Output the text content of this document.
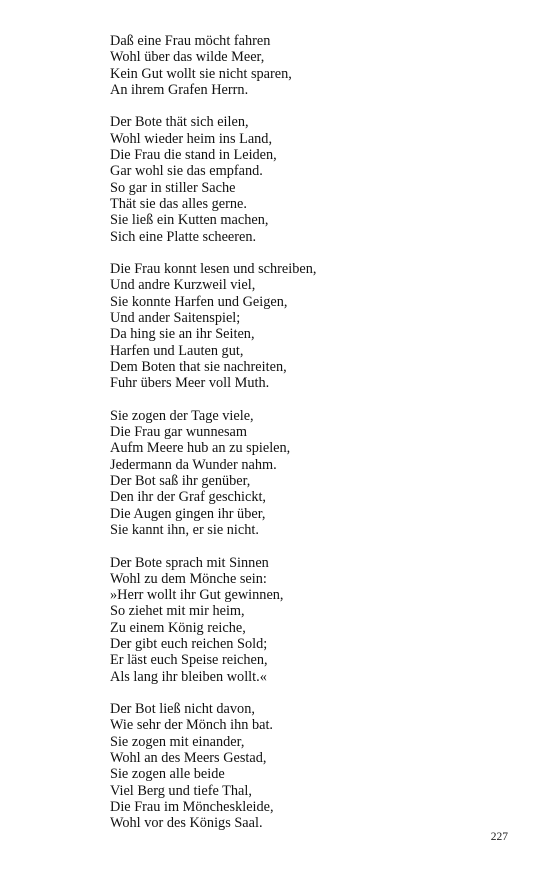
Daß eine Frau möcht fahren
Wohl über das wilde Meer,
Kein Gut wollt sie nicht sparen,
An ihrem Grafen Herrn.
Der Bote thät sich eilen,
Wohl wieder heim ins Land,
Die Frau die stand in Leiden,
Gar wohl sie das empfand.
So gar in stiller Sache
Thät sie das alles gerne.
Sie ließ ein Kutten machen,
Sich eine Platte scheeren.
Die Frau konnt lesen und schreiben,
Und andre Kurzweil viel,
Sie konnte Harfen und Geigen,
Und ander Saitenspiel;
Da hing sie an ihr Seiten,
Harfen und Lauten gut,
Dem Boten that sie nachreiten,
Fuhr übers Meer voll Muth.
Sie zogen der Tage viele,
Die Frau gar wunnesam
Aufm Meere hub an zu spielen,
Jedermann da Wunder nahm.
Der Bot saß ihr genüber,
Den ihr der Graf geschickt,
Die Augen gingen ihr über,
Sie kannt ihn, er sie nicht.
Der Bote sprach mit Sinnen
Wohl zu dem Mönche sein:
»Herr wollt ihr Gut gewinnen,
So ziehet mit mir heim,
Zu einem König reiche,
Der gibt euch reichen Sold;
Er läst euch Speise reichen,
Als lang ihr bleiben wollt.«
Der Bot ließ nicht davon,
Wie sehr der Mönch ihn bat.
Sie zogen mit einander,
Wohl an des Meers Gestad,
Sie zogen alle beide
Viel Berg und tiefe Thal,
Die Frau im Möncheskleide,
Wohl vor des Königs Saal.
227
